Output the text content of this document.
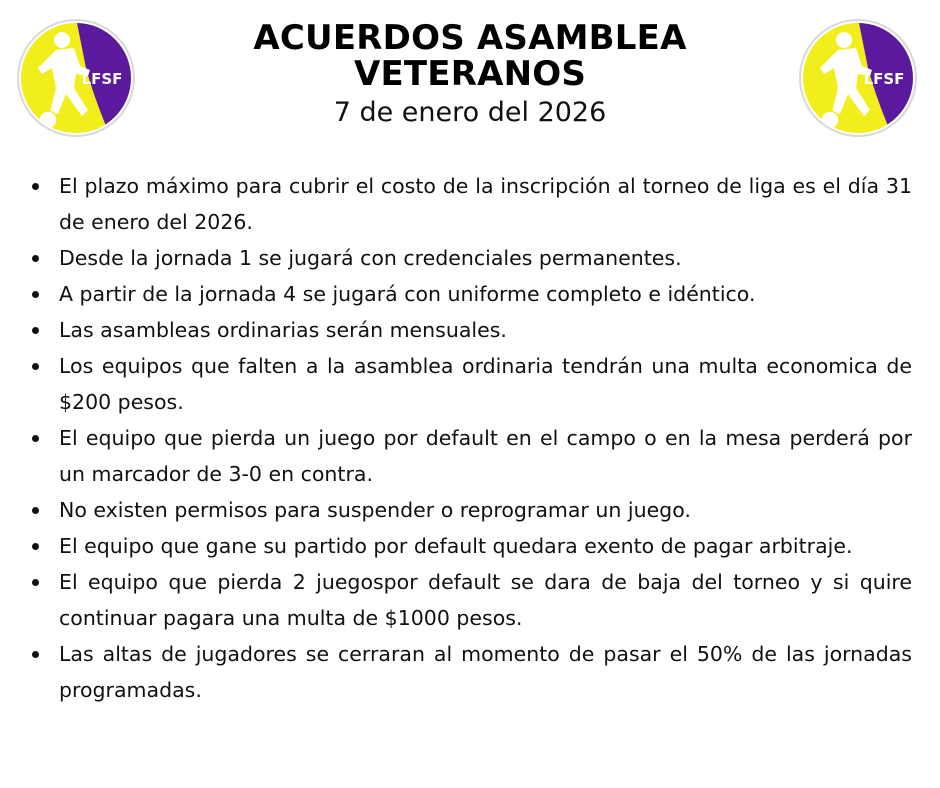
LFSF	LFSF
ACUERDOS ASAMBLEA
VETERANOS
7 de enero del 2026
El plazo máximo para cubrir el costo de la inscripción al torneo de liga es el día 31 de enero del 2026.
Desde la jornada 1 se jugará con credenciales permanentes.
A partir de la jornada 4 se jugará con uniforme completo e idéntico.
Las asambleas ordinarias serán mensuales.
Los equipos que falten a la asamblea ordinaria tendrán una multa economica de $200 pesos.
El equipo que pierda un juego por default en el campo o en la mesa perderá por un marcador de 3-0 en contra.
No existen permisos para suspender o reprogramar un juego.
El equipo que gane su partido por default quedara exento de pagar arbitraje.
El equipo que pierda 2 juegospor default se dara de baja del torneo y si quire continuar pagara una multa de $1000 pesos.
Las altas de jugadores se cerraran al momento de pasar el 50% de las jornadas programadas.
